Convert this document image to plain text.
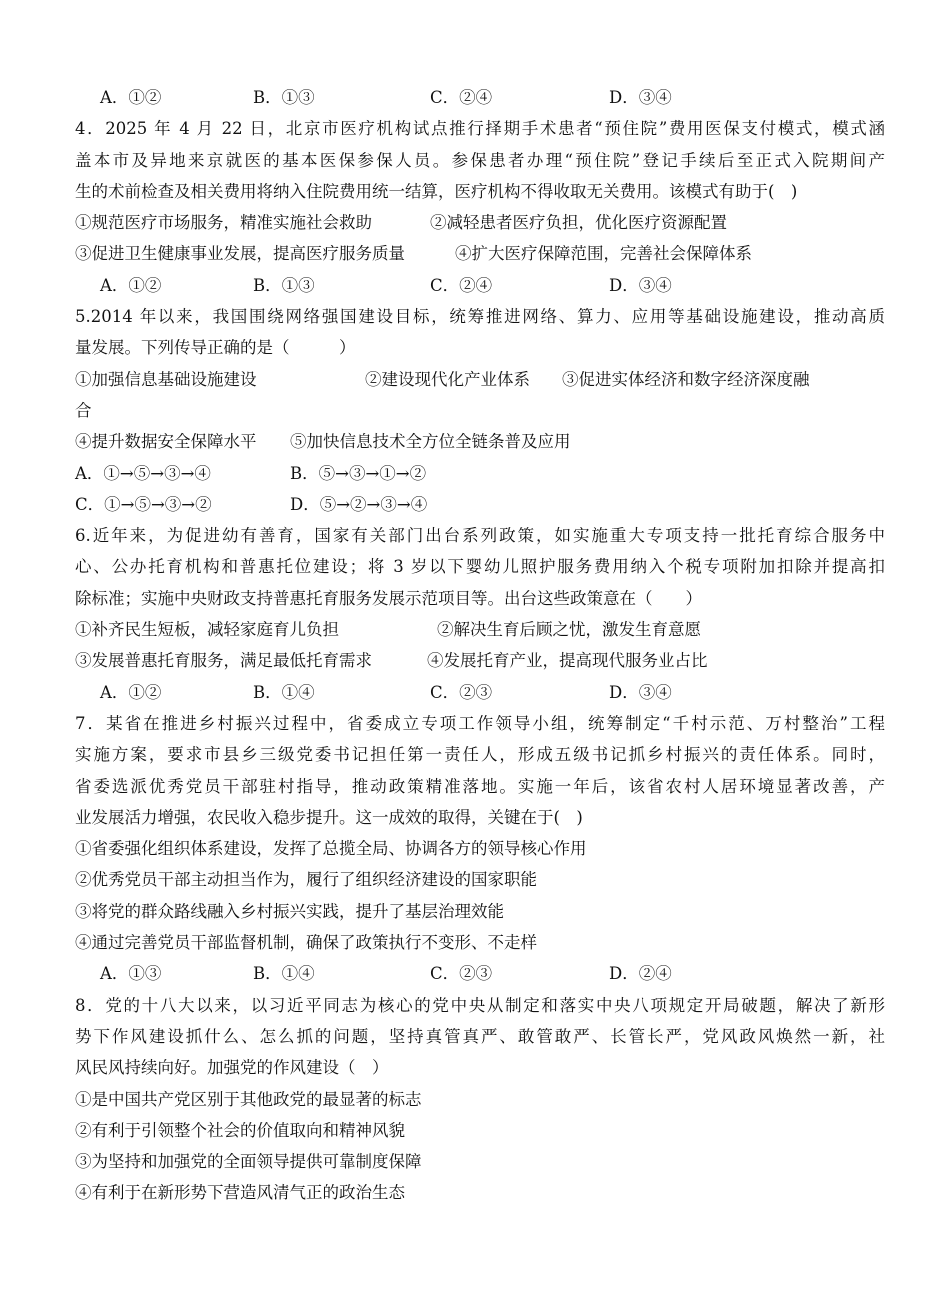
A．①②	B．①③	C．②④	D．③④
4．2025 年 4 月 22 日，北京市医疗机构试点推行择期手术患者“预住院”费用医保支付模式，模式涵
盖本市及异地来京就医的基本医保参保人员。参保患者办理“预住院”登记手续后至正式入院期间产
生的术前检查及相关费用将纳入住院费用统一结算，医疗机构不得收取无关费用。该模式有助于(　)
①规范医疗市场服务，精准实施社会救助	②减轻患者医疗负担，优化医疗资源配置
③促进卫生健康事业发展，提高医疗服务质量	④扩大医疗保障范围，完善社会保障体系
A．①②	B．①③	C．②④	D．③④
5.2014 年以来，我国围绕网络强国建设目标，统筹推进网络、算力、应用等基础设施建设，推动高质
量发展。下列传导正确的是（　　　）
①加强信息基础设施建设	②建设现代化产业体系 ③促进实体经济和数字经济深度融
合
④提升数据安全保障水平 ⑤加快信息技术全方位全链条普及应用
A．①→⑤→③→④	B．⑤→③→①→②
C．①→⑤→③→②	D．⑤→②→③→④
6.近年来，为促进幼有善育，国家有关部门出台系列政策，如实施重大专项支持一批托育综合服务中
心、公办托育机构和普惠托位建设；将 3 岁以下婴幼儿照护服务费用纳入个税专项附加扣除并提高扣
除标准；实施中央财政支持普惠托育服务发展示范项目等。出台这些政策意在（　　）
①补齐民生短板，减轻家庭育儿负担	②解决生育后顾之忧，激发生育意愿
③发展普惠托育服务，满足最低托育需求	④发展托育产业，提高现代服务业占比
A．①②	B．①④	C．②③	D．③④
7．某省在推进乡村振兴过程中，省委成立专项工作领导小组，统筹制定“千村示范、万村整治”工程
实施方案，要求市县乡三级党委书记担任第一责任人，形成五级书记抓乡村振兴的责任体系。同时，
省委选派优秀党员干部驻村指导，推动政策精准落地。实施一年后，该省农村人居环境显著改善，产
业发展活力增强，农民收入稳步提升。这一成效的取得，关键在于(　)
①省委强化组织体系建设，发挥了总揽全局、协调各方的领导核心作用
②优秀党员干部主动担当作为，履行了组织经济建设的国家职能
③将党的群众路线融入乡村振兴实践，提升了基层治理效能
④通过完善党员干部监督机制，确保了政策执行不变形、不走样
A．①③	B．①④	C．②③	D．②④
8．党的十八大以来，以习近平同志为核心的党中央从制定和落实中央八项规定开局破题，解决了新形
势下作风建设抓什么、怎么抓的问题，坚持真管真严、敢管敢严、长管长严，党风政风焕然一新，社
风民风持续向好。加强党的作风建设（　）
①是中国共产党区别于其他政党的最显著的标志
②有利于引领整个社会的价值取向和精神风貌
③为坚持和加强党的全面领导提供可靠制度保障
④有利于在新形势下营造风清气正的政治生态
